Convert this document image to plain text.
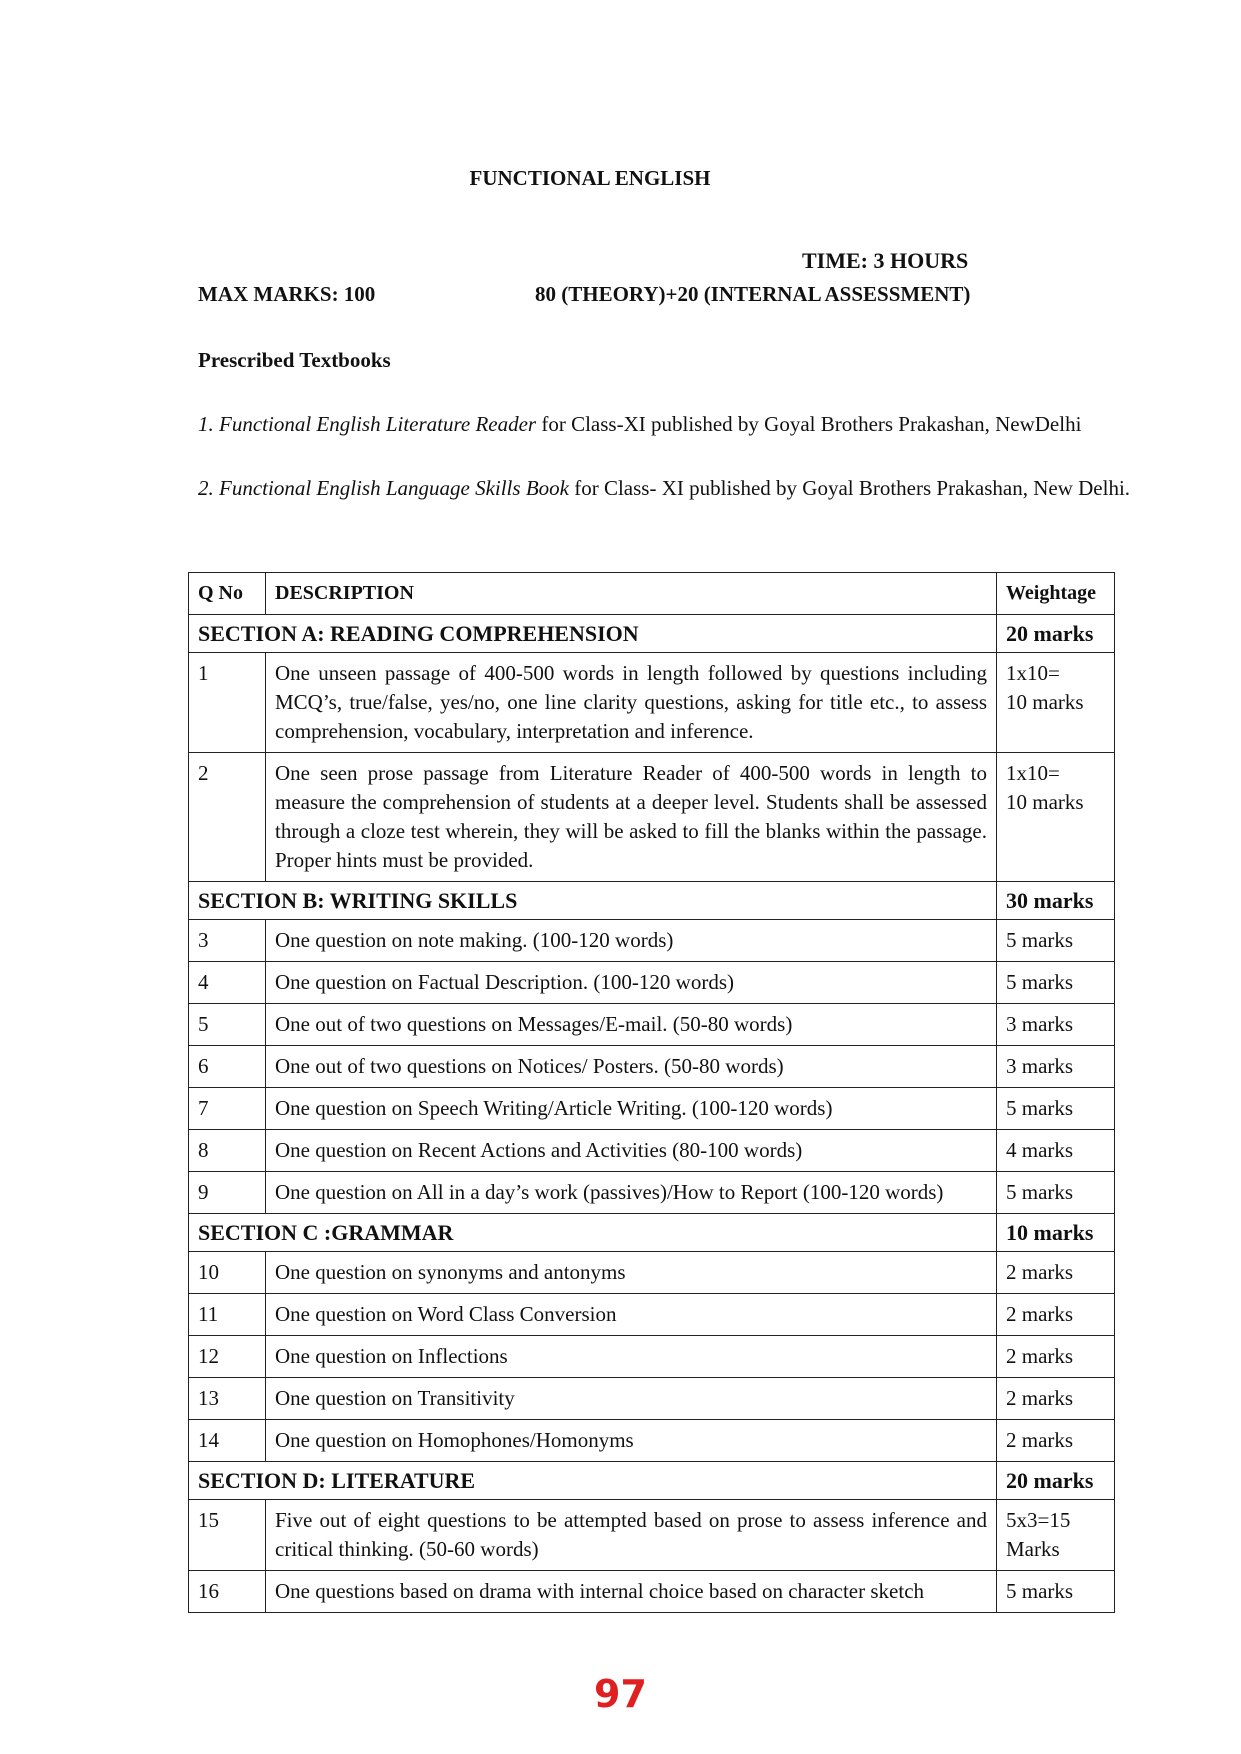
FUNCTIONAL ENGLISH
TIME: 3 HOURS
MAX MARKS: 100	80 (THEORY)+20 (INTERNAL ASSESSMENT)
Prescribed Textbooks
1. Functional English Literature Reader for Class-XI published by Goyal Brothers Prakashan, NewDelhi
2. Functional English Language Skills Book for Class- XI published by Goyal Brothers Prakashan, New Delhi.
Q No	DESCRIPTION	Weightage
SECTION A: READING COMPREHENSION		20 marks
1	One unseen passage of 400-500 words in length followed by questions including MCQ’s, true/false, yes/no, one line clarity questions, asking for title etc., to assess comprehension, vocabulary, interpretation and inference.	1x10=
10 marks

2	One seen prose passage from Literature Reader of 400-500 words in length to measure the comprehension of students at a deeper level. Students shall be assessed through a cloze test wherein, they will be asked to fill the blanks within the passage. Proper hints must be provided.	1x10=
10 marks

SECTION B: WRITING SKILLS		30 marks
3	One question on note making. (100-120 words)	5 marks

4	One question on Factual Description. (100-120 words)	5 marks

5	One out of two questions on Messages/E-mail. (50-80 words)	3 marks

6	One out of two questions on Notices/ Posters. (50-80 words)	3 marks

7	One question on Speech Writing/Article Writing. (100-120 words)	5 marks

8	One question on Recent Actions and Activities (80-100 words)	4 marks

9	One question on All in a day’s work (passives)/How to Report (100-120 words)	5 marks

SECTION C :GRAMMAR		10 marks
10	One question on synonyms and antonyms	2 marks

11	One question on Word Class Conversion	2 marks

12	One question on Inflections	2 marks

13	One question on Transitivity	2 marks

14	One question on Homophones/Homonyms	2 marks

SECTION D: LITERATURE		20 marks
15	Five out of eight questions to be attempted based on prose to assess inference and critical thinking. (50-60 words)	5x3=15
Marks

16	One questions based on drama with internal choice based on character sketch	5 marks
97
